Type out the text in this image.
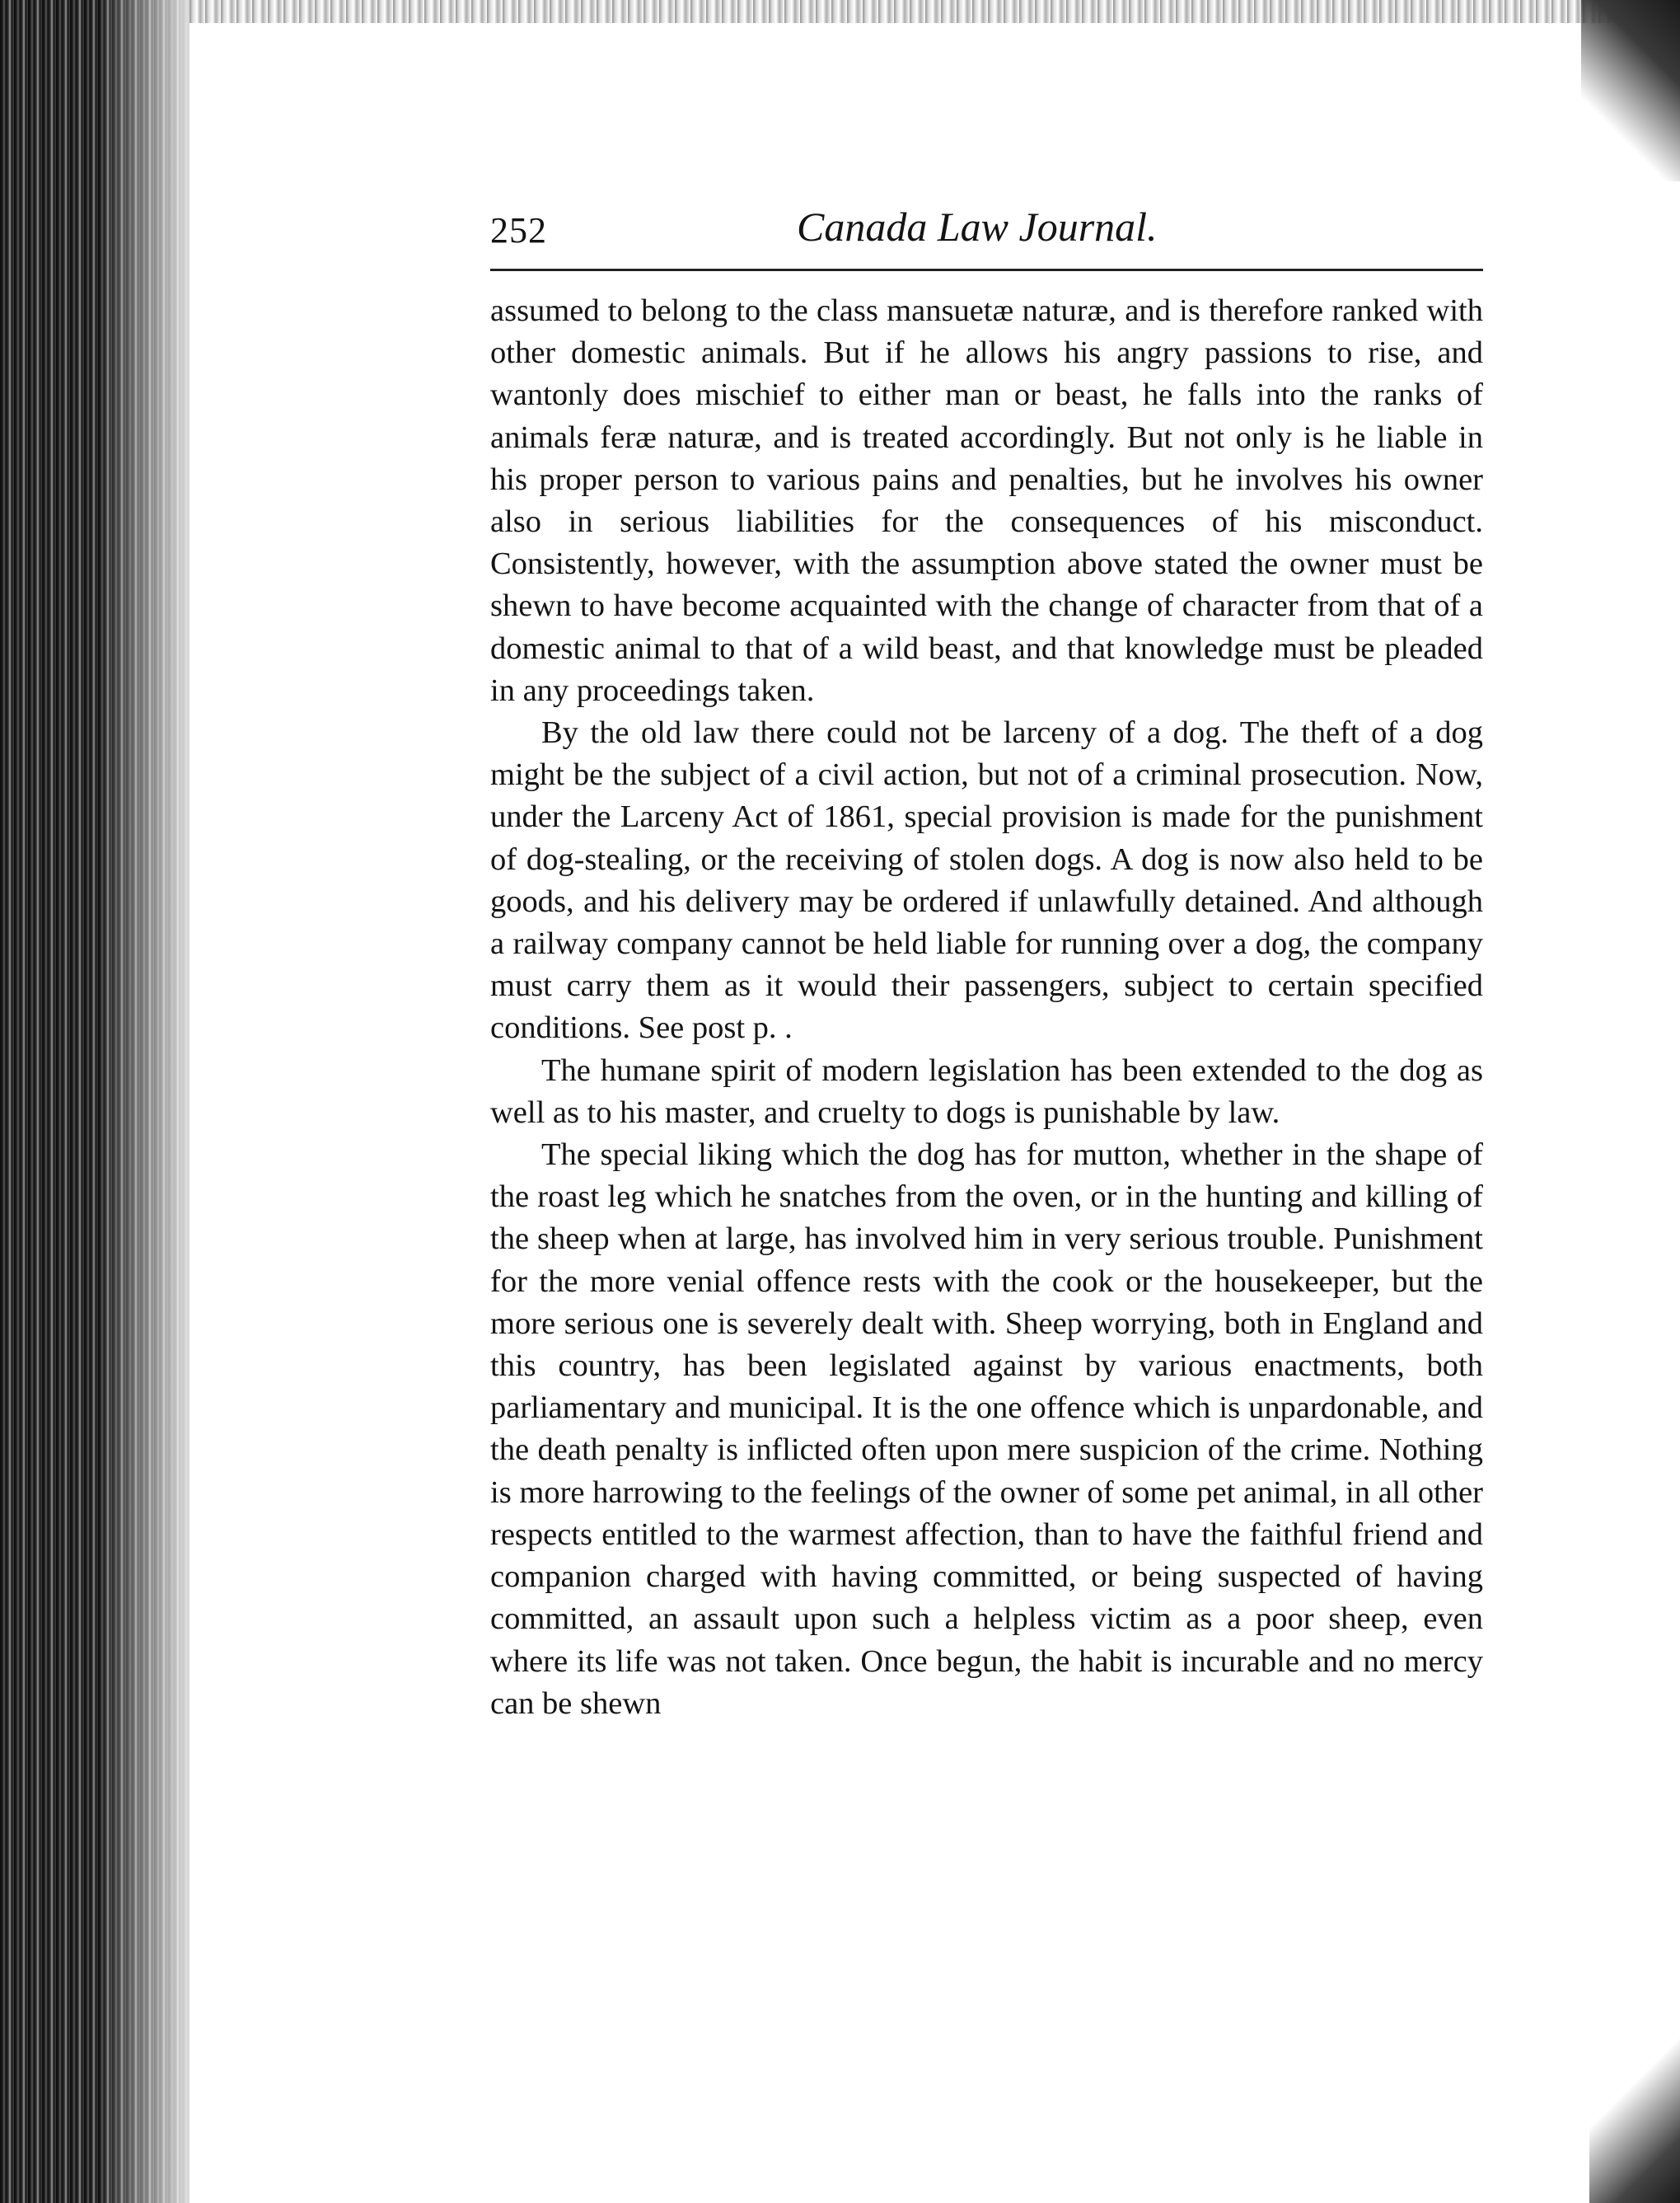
252	Canada Law Journal.

assumed to belong to the class mansuetæ naturæ, and is therefore ranked with other domestic animals. But if he allows his angry passions to rise, and wantonly does mischief to either man or beast, he falls into the ranks of animals feræ naturæ, and is treated accordingly. But not only is he liable in his proper person to various pains and penalties, but he involves his owner also in serious liabilities for the consequences of his misconduct. Consistently, however, with the assumption above stated the owner must be shewn to have become acquainted with the change of character from that of a domestic animal to that of a wild beast, and that knowledge must be pleaded in any proceedings taken.

By the old law there could not be larceny of a dog. The theft of a dog might be the subject of a civil action, but not of a criminal prosecution. Now, under the Larceny Act of 1861, special provision is made for the punishment of dog-stealing, or the receiving of stolen dogs. A dog is now also held to be goods, and his delivery may be ordered if unlawfully detained. And although a railway company cannot be held liable for running over a dog, the company must carry them as it would their passengers, subject to certain specified conditions. See post p. .

The humane spirit of modern legislation has been extended to the dog as well as to his master, and cruelty to dogs is punishable by law.

The special liking which the dog has for mutton, whether in the shape of the roast leg which he snatches from the oven, or in the hunting and killing of the sheep when at large, has involved him in very serious trouble. Punishment for the more venial offence rests with the cook or the housekeeper, but the more serious one is severely dealt with. Sheep worrying, both in England and this country, has been legislated against by various enactments, both parliamentary and municipal. It is the one offence which is unpardonable, and the death penalty is inflicted often upon mere suspicion of the crime. Nothing is more harrowing to the feelings of the owner of some pet animal, in all other respects entitled to the warmest affection, than to have the faithful friend and companion charged with having committed, or being suspected of having committed, an assault upon such a helpless victim as a poor sheep, even where its life was not taken. Once begun, the habit is incurable and no mercy can be shewn
